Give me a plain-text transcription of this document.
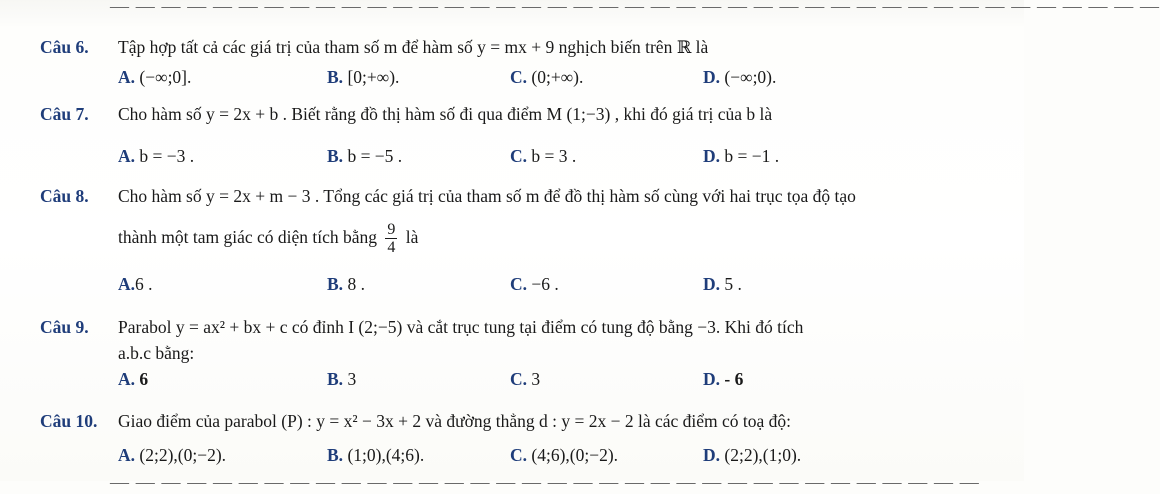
— — — — — — — — — — — — — — — — — — — — — — — — — — — — — — — — — — — — — — — — —
Câu 6. Tập hợp tất cả các giá trị của tham số m để hàm số y = mx + 9 nghịch biến trên ℝ là
A. (−∞;0].	B. [0;+∞).	C. (0;+∞).	D. (−∞;0).
Câu 7. Cho hàm số y = 2x + b . Biết rằng đồ thị hàm số đi qua điểm M (1;−3) , khi đó giá trị của b là
A. b = −3 .	B. b = −5 .	C. b = 3 .	D. b = −1 .
Câu 8. Cho hàm số y = 2x + m − 3 . Tổng các giá trị của tham số m để đồ thị hàm số cùng với hai trục tọa độ tạo
thành một tam giác có diện tích bằng $\frac{9}{4}$ là
A.6 .	B. 8 .	C. −6 .	D. 5 .
Câu 9. Parabol y = ax² + bx + c có đỉnh I (2;−5) và cắt trục tung tại điểm có tung độ bằng −3. Khi đó tích
a.b.c bằng:
A. 6	B. 3	C. 3	D. - 6
Câu 10. Giao điểm của parabol (P) : y = x² − 3x + 2 và đường thẳng d : y = 2x − 2 là các điểm có toạ độ:
A. (2;2),(0;−2).	B. (1;0),(4;6).	C. (4;6),(0;−2).	D. (2;2),(1;0).
— — — — — — — — — — — — — — — — — — — — — — — — — — — — — — — — — —
